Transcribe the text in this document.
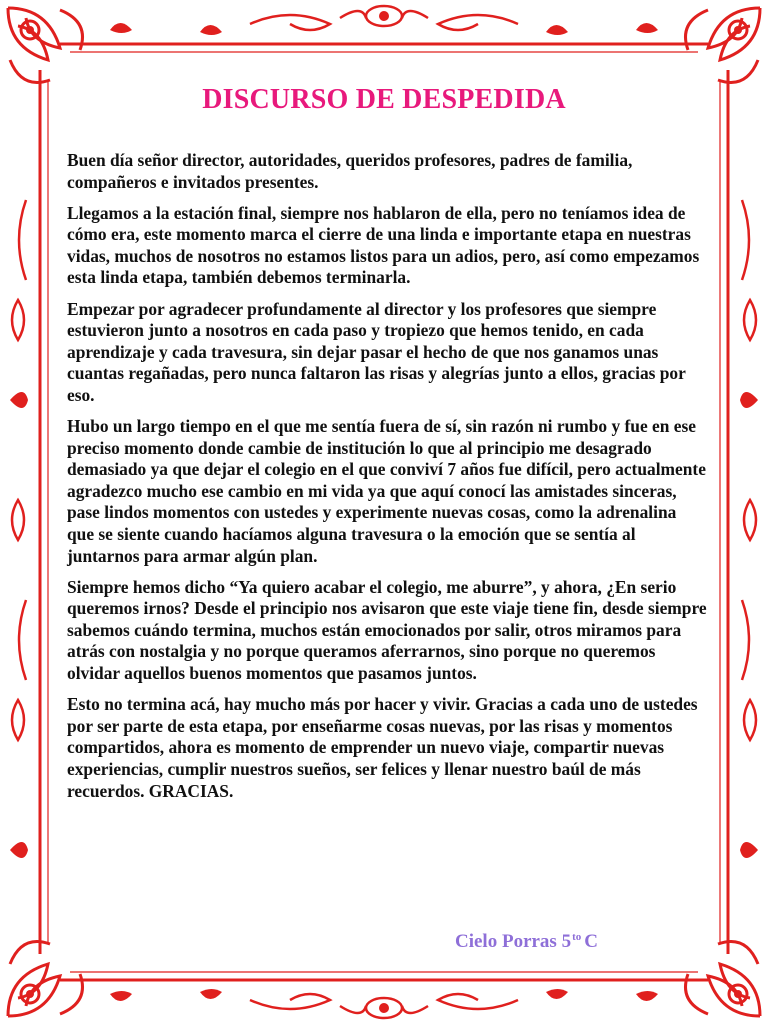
DISCURSO DE DESPEDIDA

Buen día señor director, autoridades, queridos profesores, padres de familia, compañeros e invitados presentes.

Llegamos a la estación final, siempre nos hablaron de ella, pero no teníamos idea de cómo era, este momento marca el cierre de una linda e importante etapa en nuestras vidas, muchos de nosotros no estamos listos para un adios, pero, así como empezamos esta linda etapa, también debemos terminarla.

Empezar por agradecer profundamente al director y los profesores que siempre estuvieron junto a nosotros en cada paso y tropiezo que hemos tenido, en cada aprendizaje y cada travesura, sin dejar pasar el hecho de que nos ganamos unas cuantas regañadas, pero nunca faltaron las risas y alegrías junto a ellos, gracias por eso.

Hubo un largo tiempo en el que me sentía fuera de sí, sin razón ni rumbo y fue en ese preciso momento donde cambie de institución lo que al principio me desagrado demasiado ya que dejar el colegio en el que conviví 7 años fue difícil, pero actualmente agradezco mucho ese cambio en mi vida ya que aquí conocí las amistades sinceras, pase lindos momentos con ustedes y experimente nuevas cosas, como la adrenalina que se siente cuando hacíamos alguna travesura o la emoción que se sentía al juntarnos para armar algún plan.

Siempre hemos dicho “Ya quiero acabar el colegio, me aburre”, y ahora, ¿En serio queremos irnos? Desde el principio nos avisaron que este viaje tiene fin, desde siempre sabemos cuándo termina, muchos están emocionados por salir, otros miramos para atrás con nostalgia y no porque queramos aferrarnos, sino porque no queremos olvidar aquellos buenos momentos que pasamos juntos.

Esto no termina acá, hay mucho más por hacer y vivir. Gracias a cada uno de ustedes por ser parte de esta etapa, por enseñarme cosas nuevas, por las risas y momentos compartidos, ahora es momento de emprender un nuevo viaje, compartir nuevas experiencias, cumplir nuestros sueños, ser felices y llenar nuestro baúl de más recuerdos. GRACIAS.

Cielo Porras $5^{to}$ C
